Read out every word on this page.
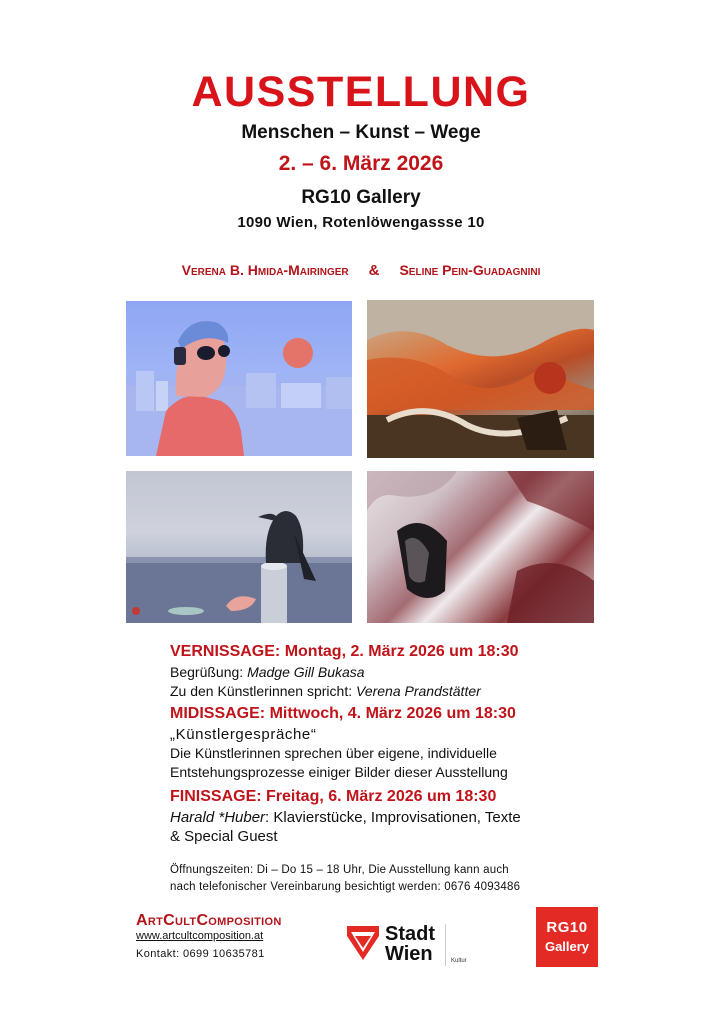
AUSSTELLUNG
Menschen – Kunst – Wege
2. – 6. März 2026
RG10 Gallery
1090 Wien, Rotenlöwengassse 10
Verena B. Hmida-Mairinger & Seline Pein-Guadagnini
VERNISSAGE: Montag, 2. März 2026 um 18:30
Begrüßung: Madge Gill Bukasa
Zu den Künstlerinnen spricht: Verena Prandstätter
MIDISSAGE: Mittwoch, 4. März 2026 um 18:30
„Künstlergespräche“
Die Künstlerinnen sprechen über eigene, individuelle
Entstehungsprozesse einiger Bilder dieser Ausstellung
FINISSAGE: Freitag, 6. März 2026 um 18:30
Harald *Huber: Klavierstücke, Improvisationen, Texte
& Special Guest
Öffnungszeiten: Di – Do 15 – 18 Uhr, Die Ausstellung kann auch
nach telefonischer Vereinbarung besichtigt werden: 0676 4093486
ArtCultComposition
www.artcultcomposition.at
Kontakt: 0699 10635781
Stadt
Wien	Kultur
RG10
Gallery
